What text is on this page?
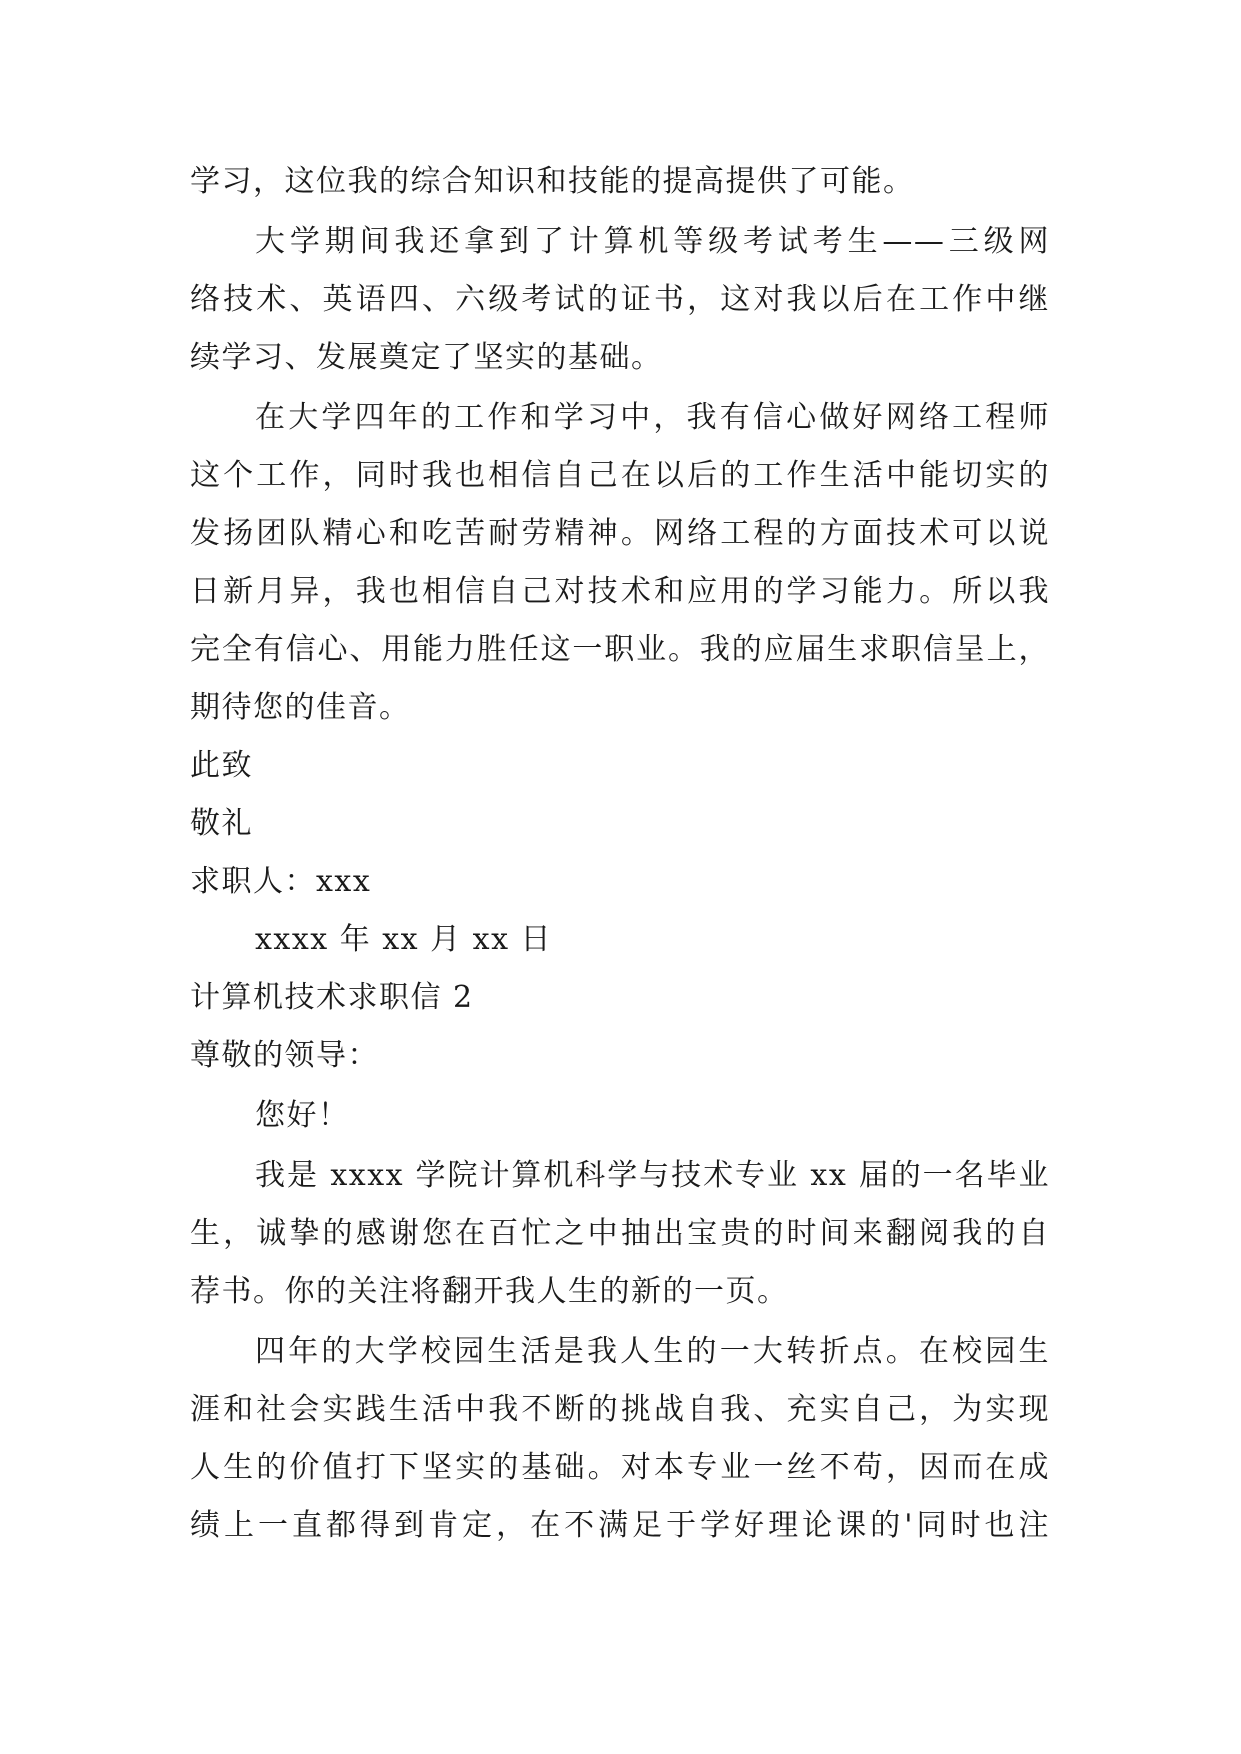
学习，这位我的综合知识和技能的提高提供了可能。
大学期间我还拿到了计算机等级考试考生——三级网
络技术、英语四、六级考试的证书，这对我以后在工作中继
续学习、发展奠定了坚实的基础。
在大学四年的工作和学习中，我有信心做好网络工程师
这个工作，同时我也相信自己在以后的工作生活中能切实的
发扬团队精心和吃苦耐劳精神。网络工程的方面技术可以说
日新月异，我也相信自己对技术和应用的学习能力。所以我
完全有信心、用能力胜任这一职业。我的应届生求职信呈上，
期待您的佳音。
此致
敬礼
求职人：xxx
xxxx 年 xx 月 xx 日
计算机技术求职信 2
尊敬的领导：
您好！
我是 xxxx 学院计算机科学与技术专业 xx 届的一名毕业
生，诚挚的感谢您在百忙之中抽出宝贵的时间来翻阅我的自
荐书。你的关注将翻开我人生的新的一页。
四年的大学校园生活是我人生的一大转折点。在校园生
涯和社会实践生活中我不断的挑战自我、充实自己，为实现
人生的价值打下坚实的基础。对本专业一丝不苟，因而在成
绩上一直都得到肯定，在不满足于学好理论课的'同时也注
